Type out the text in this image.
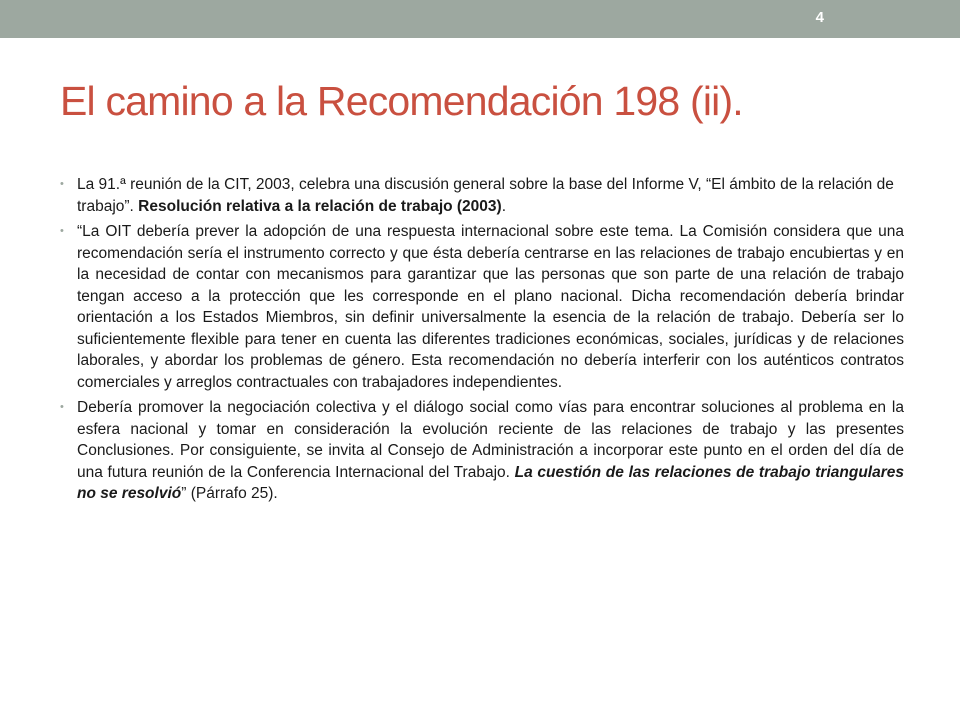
4
El camino a la Recomendación 198 (ii).

• La 91.ª reunión de la CIT, 2003, celebra una discusión general sobre la base del Informe V, “El ámbito de la relación de trabajo”. Resolución relativa a la relación de trabajo (2003).

• “La OIT debería prever la adopción de una respuesta internacional sobre este tema. La Comisión considera que una recomendación sería el instrumento correcto y que ésta debería centrarse en las relaciones de trabajo encubiertas y en la necesidad de contar con mecanismos para garantizar que las personas que son parte de una relación de trabajo tengan acceso a la protección que les corresponde en el plano nacional. Dicha recomendación debería brindar orientación a los Estados Miembros, sin definir universalmente la esencia de la relación de trabajo. Debería ser lo suficientemente flexible para tener en cuenta las diferentes tradiciones económicas, sociales, jurídicas y de relaciones laborales, y abordar los problemas de género. Esta recomendación no debería interferir con los auténticos contratos comerciales y arreglos contractuales con trabajadores independientes.

• Debería promover la negociación colectiva y el diálogo social como vías para encontrar soluciones al problema en la esfera nacional y tomar en consideración la evolución reciente de las relaciones de trabajo y las presentes Conclusiones. Por consiguiente, se invita al Consejo de Administración a incorporar este punto en el orden del día de una futura reunión de la Conferencia Internacional del Trabajo. La cuestión de las relaciones de trabajo triangulares no se resolvió” (Párrafo 25).
